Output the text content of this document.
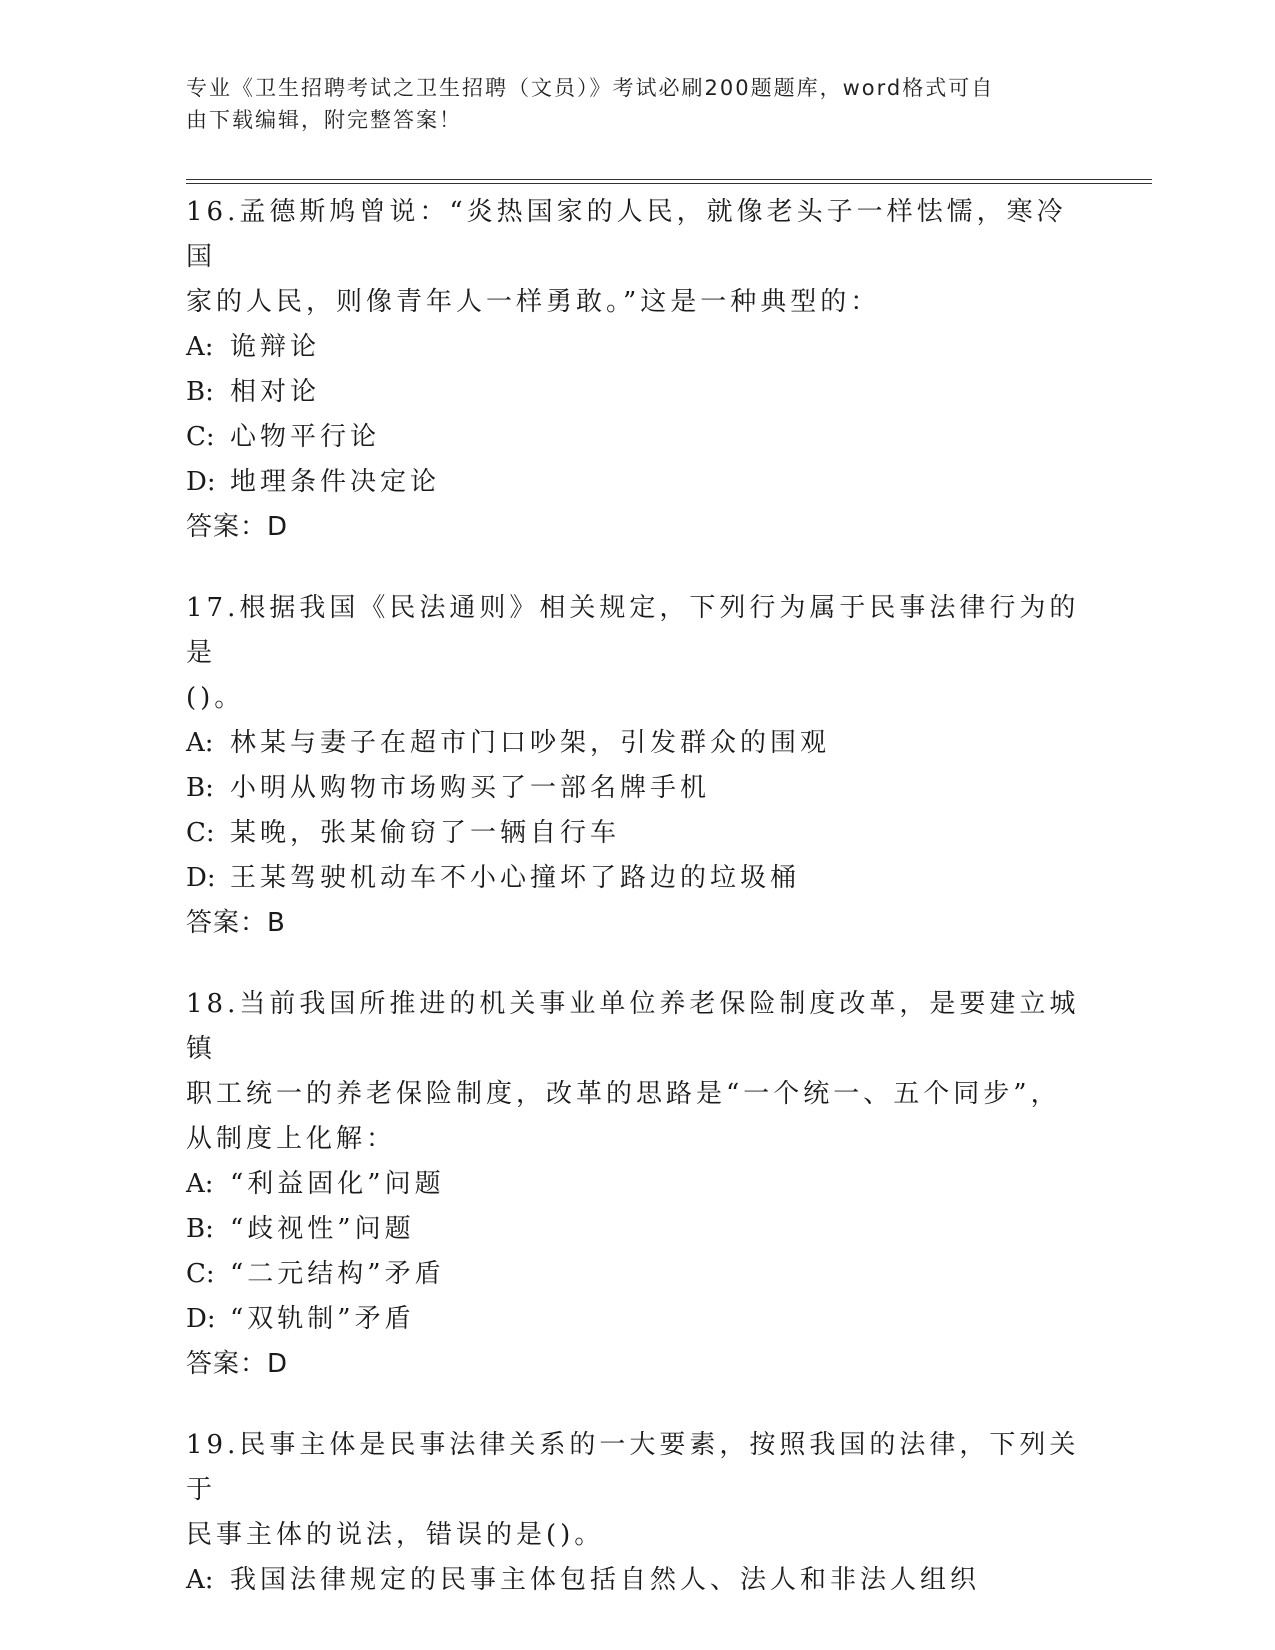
专业《卫生招聘考试之卫生招聘（文员）》考试必刷200题题库，word格式可自
由下载编辑，附完整答案！

16.孟德斯鸠曾说：“炎热国家的人民，就像老头子一样怯懦，寒冷国

家的人民，则像青年人一样勇敢。”这是一种典型的：

A: 诡辩论

B: 相对论

C: 心物平行论

D: 地理条件决定论

答案：D

17.根据我国《民法通则》相关规定，下列行为属于民事法律行为的是

()。

A: 林某与妻子在超市门口吵架，引发群众的围观

B: 小明从购物市场购买了一部名牌手机

C: 某晚，张某偷窃了一辆自行车

D: 王某驾驶机动车不小心撞坏了路边的垃圾桶

答案：B

18.当前我国所推进的机关事业单位养老保险制度改革，是要建立城镇

职工统一的养老保险制度，改革的思路是“一个统一、五个同步”，

从制度上化解：

A: “利益固化”问题

B: “歧视性”问题

C: “二元结构”矛盾

D: “双轨制”矛盾

答案：D

19.民事主体是民事法律关系的一大要素，按照我国的法律，下列关于

民事主体的说法，错误的是()。

A: 我国法律规定的民事主体包括自然人、法人和非法人组织
